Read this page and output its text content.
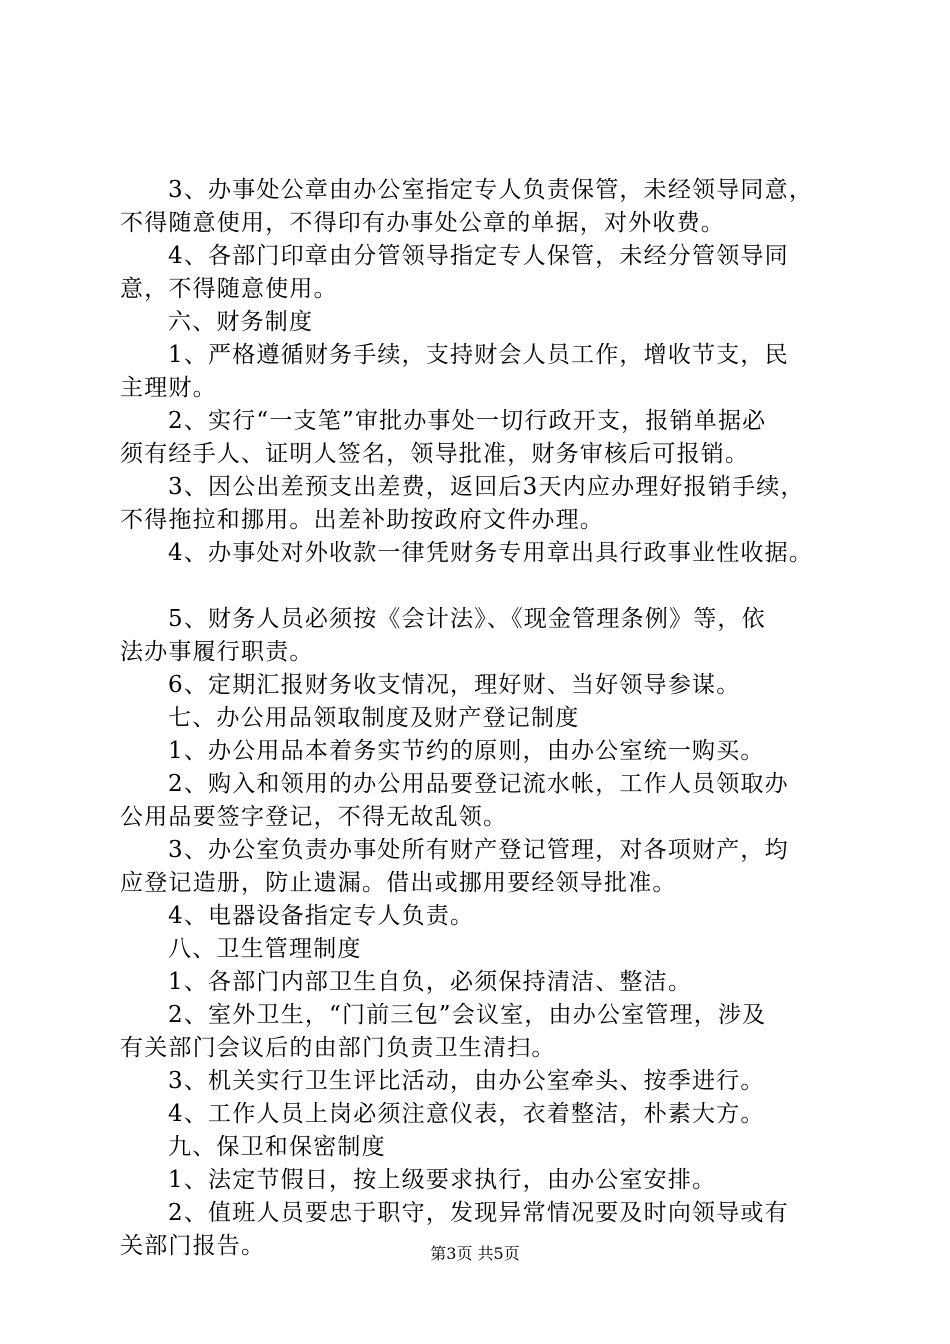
3、办事处公章由办公室指定专人负责保管，未经领导同意，
不得随意使用，不得印有办事处公章的单据，对外收费。
4、各部门印章由分管领导指定专人保管，未经分管领导同
意，不得随意使用。
六、财务制度
1、严格遵循财务手续，支持财会人员工作，增收节支，民
主理财。
2、实行“一支笔”审批办事处一切行政开支，报销单据必
须有经手人、证明人签名，领导批准，财务审核后可报销。
3、因公出差预支出差费，返回后3天内应办理好报销手续，
不得拖拉和挪用。出差补助按政府文件办理。
4、办事处对外收款一律凭财务专用章出具行政事业性收据。
5、财务人员必须按《会计法》、《现金管理条例》等，依
法办事履行职责。
6、定期汇报财务收支情况，理好财、当好领导参谋。
七、办公用品领取制度及财产登记制度
1、办公用品本着务实节约的原则，由办公室统一购买。
2、购入和领用的办公用品要登记流水帐，工作人员领取办
公用品要签字登记，不得无故乱领。
3、办公室负责办事处所有财产登记管理，对各项财产，均
应登记造册，防止遗漏。借出或挪用要经领导批准。
4、电器设备指定专人负责。
八、卫生管理制度
1、各部门内部卫生自负，必须保持清洁、整洁。
2、室外卫生，“门前三包”会议室，由办公室管理，涉及
有关部门会议后的由部门负责卫生清扫。
3、机关实行卫生评比活动，由办公室牵头、按季进行。
4、工作人员上岗必须注意仪表，衣着整洁，朴素大方。
九、保卫和保密制度
1、法定节假日，按上级要求执行，由办公室安排。
2、值班人员要忠于职守，发现异常情况要及时向领导或有
关部门报告。	第3页 共5页
